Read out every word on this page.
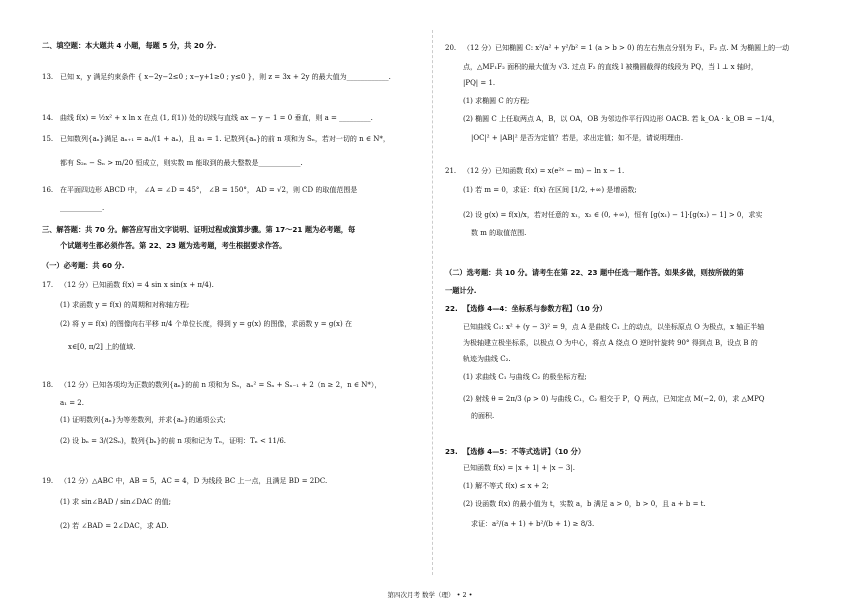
二、填空题：本大题共 4 小题，每题 5 分，共 20 分.
13. 已知 x，y 满足约束条件 { x−2y−2≤0 ; x−y+1≥0 ; y≤0 }，则 z = 3x + 2y 的最大值为____________.
14. 曲线 f(x) = ½x² + x ln x 在点 (1, f(1)) 处的切线与直线 ax − y − 1 = 0 垂直，则 a = _________.
15. 已知数列{aₙ}满足 aₙ₊₁ = aₙ/(1 + aₙ)，且 a₁ = 1. 记数列{aₙ}的前 n 项和为 Sₙ，若对一切的 n ∈ N*，
都有 S₂ₙ − Sₙ > m/20 恒成立，则实数 m 能取到的最大整数是____________.
16. 在平面四边形 ABCD 中， ∠A = ∠D = 45°， ∠B = 150°， AD = √2，则 CD 的取值范围是
____________.
三、解答题：共 70 分。解答应写出文字说明、证明过程或演算步骤。第 17〜21 题为必考题，每
个试题考生都必须作答。第 22、23 题为选考题，考生根据要求作答。
（一）必考题：共 60 分.
17. （12 分）已知函数 f(x) = 4 sin x sin(x + π/4).
(1) 求函数 y = f(x) 的周期和对称轴方程;
(2) 将 y = f(x) 的图像向右平移 π/4 个单位长度，得到 y = g(x) 的图像，求函数 y = g(x) 在
x∈[0, π/2] 上的值域.
18. （12 分）已知各项均为正数的数列{aₙ}的前 n 项和为 Sₙ，aₙ² = Sₙ + Sₙ₋₁ + 2（n ≥ 2，n ∈ N*），
a₁ = 2.
(1) 证明数列{aₙ}为等差数列，并求{aₙ}的通项公式;
(2) 设 bₙ = 3/(2Sₙ)，数列{bₙ}的前 n 项和记为 Tₙ，证明：Tₙ < 11/6.
19. （12 分）△ABC 中，AB = 5，AC = 4，D 为线段 BC 上一点，且满足 BD = 2DC.
(1) 求 sin∠BAD / sin∠DAC 的值;
(2) 若 ∠BAD = 2∠DAC，求 AD.
20. （12 分）已知椭圆 C: x²/a² + y²/b² = 1 (a > b > 0) 的左右焦点分别为 F₁，F₂ 点. M 为椭圆上的一动
点，△MF₁F₂ 面积的最大值为 √3. 过点 F₂ 的直线 l 被椭圆截得的线段为 PQ，当 l ⊥ x 轴时，
|PQ| = 1.
(1) 求椭圆 C 的方程;
(2) 椭圆 C 上任取两点 A，B，以 OA，OB 为邻边作平行四边形 OACB. 若 k_OA · k_OB = −1/4，
|OC|² + |AB|² 是否为定值？若是，求出定值；如不是，请说明理由.
21. （12 分）已知函数 f(x) = x(e²ˣ − m) − ln x − 1.
(1) 若 m = 0，求证：f(x) 在区间 [1/2, +∞) 是增函数;
(2) 设 g(x) = f(x)/x，若对任意的 x₁，x₂ ∈ (0, +∞)，恒有 [g(x₁) − 1]·[g(x₂) − 1] > 0，求实
数 m 的取值范围.
（二）选考题：共 10 分。请考生在第 22、23 题中任选一题作答。如果多做，则按所做的第
一题计分.
22. 【选修 4—4：坐标系与参数方程】（10 分）
已知曲线 C₁: x² + (y − 3)² = 9，点 A 是曲线 C₁ 上的动点，以坐标原点 O 为极点，x 轴正半轴
为极轴建立极坐标系，以极点 O 为中心，将点 A 绕点 O 逆时针旋转 90° 得到点 B，设点 B 的
轨迹为曲线 C₂.
(1) 求曲线 C₁ 与曲线 C₂ 的极坐标方程;
(2) 射线 θ = 2π/3 (ρ > 0) 与曲线 C₁，C₂ 相交于 P，Q 两点，已知定点 M(−2, 0)，求 △MPQ
的面积.
23. 【选修 4—5：不等式选讲】（10 分）
已知函数 f(x) = |x + 1| + |x − 3|.
(1) 解不等式 f(x) ≤ x + 2;
(2) 设函数 f(x) 的最小值为 t，实数 a，b 满足 a > 0，b > 0，且 a + b = t.
求证：a²/(a + 1) + b²/(b + 1) ≥ 8/3.
第四次月考 数学（理） • 2 •
